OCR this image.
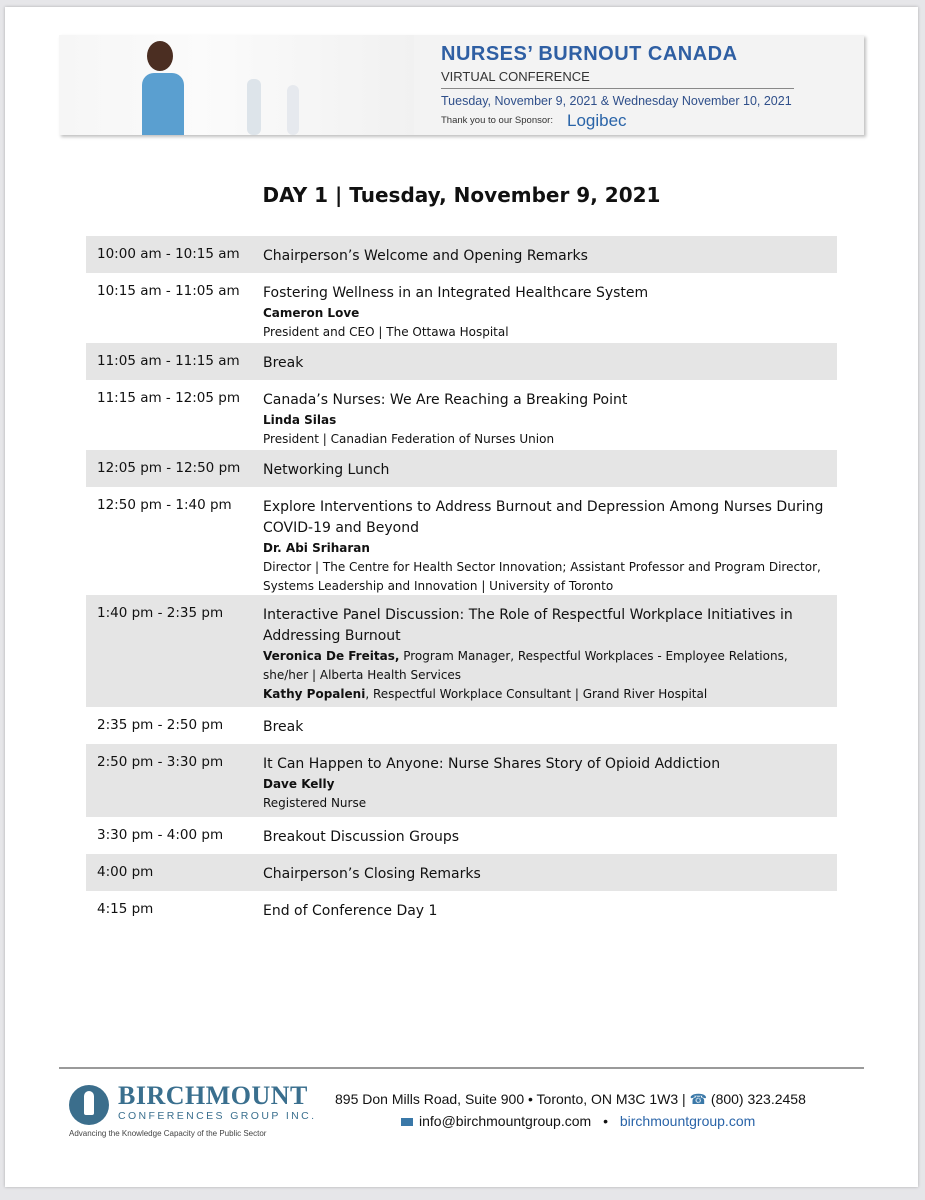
NURSES’ BURNOUT CANADA
VIRTUAL CONFERENCE
Tuesday, November 9, 2021 & Wednesday November 10, 2021
Thank you to our Sponsor: Logibec
DAY 1 | Tuesday, November 9, 2021
10:00 am - 10:15 am Chairperson’s Welcome and Opening Remarks
10:15 am - 11:05 am Fostering Wellness in an Integrated Healthcare System
Cameron Love
President and CEO | The Ottawa Hospital
11:05 am - 11:15 am Break
11:15 am - 12:05 pm Canada’s Nurses: We Are Reaching a Breaking Point
Linda Silas
President | Canadian Federation of Nurses Union
12:05 pm - 12:50 pm Networking Lunch
12:50 pm - 1:40 pm Explore Interventions to Address Burnout and Depression Among Nurses During COVID-19 and Beyond
Dr. Abi Sriharan
Director | The Centre for Health Sector Innovation; Assistant Professor and Program Director, Systems Leadership and Innovation | University of Toronto
1:40 pm - 2:35 pm	Interactive Panel Discussion: The Role of Respectful Workplace Initiatives in Addressing Burnout
Veronica De Freitas, Program Manager, Respectful Workplaces - Employee Relations, she/her | Alberta Health Services
Kathy Popaleni, Respectful Workplace Consultant | Grand River Hospital
2:35 pm - 2:50 pm	Break
2:50 pm - 3:30 pm	It Can Happen to Anyone: Nurse Shares Story of Opioid Addiction
Dave Kelly
Registered Nurse
3:30 pm - 4:00 pm	Breakout Discussion Groups
4:00 pm	Chairperson’s Closing Remarks
4:15 pm	End of Conference Day 1
BIRCHMOUNT
CONFERENCES GROUP INC.
Advancing the Knowledge Capacity of the Public Sector
895 Don Mills Road, Suite 900 • Toronto, ON M3C 1W3 | ☎ (800) 323.2458
info@birchmountgroup.com • birchmountgroup.com
